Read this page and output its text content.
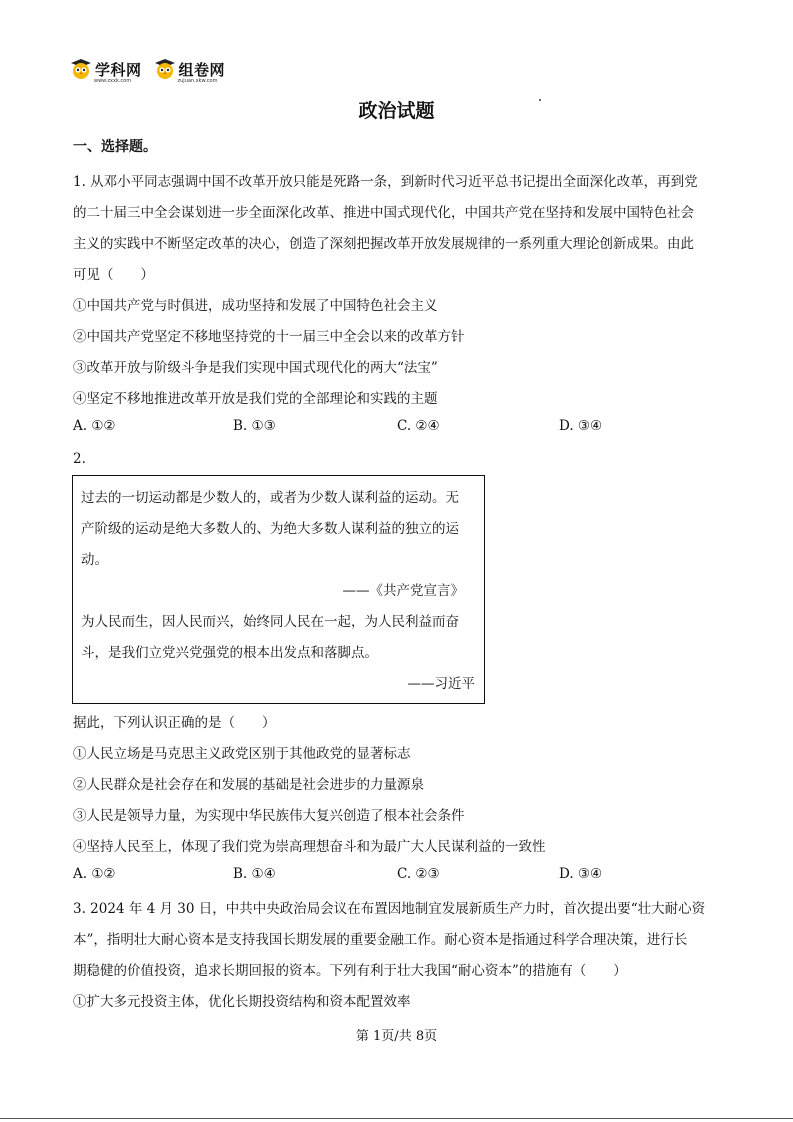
学科网
www.zxxk.com
组卷网
zujuan.xkw.com
政治试题
一、选择题。
1. 从邓小平同志强调中国不改革开放只能是死路一条，到新时代习近平总书记提出全面深化改革，再到党
的二十届三中全会谋划进一步全面深化改革、推进中国式现代化，中国共产党在坚持和发展中国特色社会
主义的实践中不断坚定改革的决心，创造了深刻把握改革开放发展规律的一系列重大理论创新成果。由此
可见（　　）
①中国共产党与时俱进，成功坚持和发展了中国特色社会主义
②中国共产党坚定不移地坚持党的十一届三中全会以来的改革方针
③改革开放与阶级斗争是我们实现中国式现代化的两大“法宝”
④坚定不移地推进改革开放是我们党的全部理论和实践的主题
A. ①②	B. ①③	C. ②④	D. ③④
2.
过去的一切运动都是少数人的，或者为少数人谋利益的运动。无
产阶级的运动是绝大多数人的、为绝大多数人谋利益的独立的运
动。
——《共产党宣言》
为人民而生，因人民而兴，始终同人民在一起，为人民利益而奋
斗，是我们立党兴党强党的根本出发点和落脚点。
——习近平
据此，下列认识正确的是（　　）
①人民立场是马克思主义政党区别于其他政党的显著标志
②人民群众是社会存在和发展的基础是社会进步的力量源泉
③人民是领导力量，为实现中华民族伟大复兴创造了根本社会条件
④坚持人民至上，体现了我们党为崇高理想奋斗和为最广大人民谋利益的一致性
A. ①②	B. ①④	C. ②③	D. ③④
3. 2024 年 4 月 30 日，中共中央政治局会议在布置因地制宜发展新质生产力时，首次提出要“壮大耐心资
本”，指明壮大耐心资本是支持我国长期发展的重要金融工作。耐心资本是指通过科学合理决策，进行长
期稳健的价值投资，追求长期回报的资本。下列有利于壮大我国“耐心资本”的措施有（　　）
①扩大多元投资主体，优化长期投资结构和资本配置效率
第 1页/共 8页
